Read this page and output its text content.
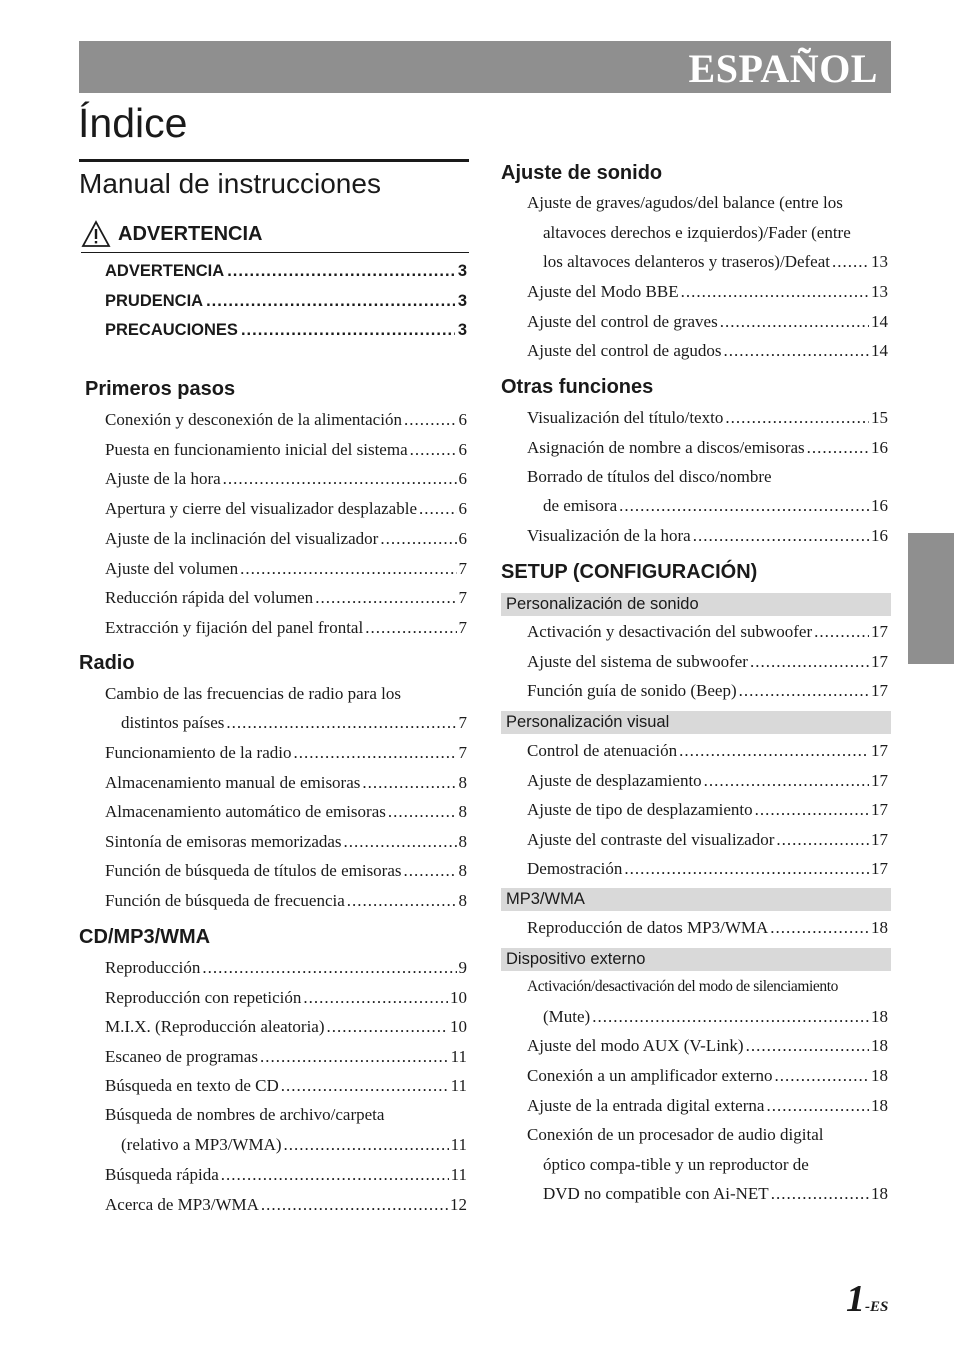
ESPAÑOL
Índice
Manual de instrucciones
ADVERTENCIA
ADVERTENCIA .....	3
PRUDENCIA .....	3
PRECAUCIONES .....	3
Primeros pasos
Conexión y desconexión de la alimentación .....	6
Puesta en funcionamiento inicial del sistema .....	6
Ajuste de la hora .....	6
Apertura y cierre del visualizador desplazable ..... 6
Ajuste de la inclinación del visualizador .....	6
Ajuste del volumen .....	7
Reducción rápida del volumen .....	7
Extracción y fijación del panel frontal .....	7
Radio
Cambio de las frecuencias de radio para los
distintos países .....	7
Funcionamiento de la radio .....	7
Almacenamiento manual de emisoras .....	8
Almacenamiento automático de emisoras .....	8
Sintonía de emisoras memorizadas .....	8
Función de búsqueda de títulos de emisoras .....	8
Función de búsqueda de frecuencia .....	8
CD/MP3/WMA
Reproducción .....	9
Reproducción con repetición .....	10
M.I.X. (Reproducción aleatoria) .....	10
Escaneo de programas .....	11
Búsqueda en texto de CD .....	11
Búsqueda de nombres de archivo/carpeta
(relativo a MP3/WMA) .....	11
Búsqueda rápida .....	11
Acerca de MP3/WMA .....	12
Ajuste de sonido
Ajuste de graves/agudos/del balance (entre los
altavoces derechos e izquierdos)/Fader (entre
los altavoces delanteros y traseros)/Defeat ..... 13
Ajuste del Modo BBE .....	13
Ajuste del control de graves .....	14
Ajuste del control de agudos .....	14
Otras funciones
Visualización del título/texto .....	15
Asignación de nombre a discos/emisoras .....	16
Borrado de títulos del disco/nombre
de emisora .....	16
Visualización de la hora .....	16
SETUP (CONFIGURACIÓN)
Personalización de sonido
Activación y desactivación del subwoofer .....	17
Ajuste del sistema de subwoofer .....	17
Función guía de sonido (Beep) .....	17
Personalización visual
Control de atenuación .....	17
Ajuste de desplazamiento .....	17
Ajuste de tipo de desplazamiento .....	17
Ajuste del contraste del visualizador .....	17
Demostración .....	17
MP3/WMA
Reproducción de datos MP3/WMA .....	18
Dispositivo externo
Activación/desactivación del modo de silenciamiento
(Mute) .....	18
Ajuste del modo AUX (V-Link) .....	18
Conexión a un amplificador externo .....	18
Ajuste de la entrada digital externa .....	18
Conexión de un procesador de audio digital
óptico compa-tible y un reproductor de
DVD no compatible con Ai-NET .....	18
1-ES
